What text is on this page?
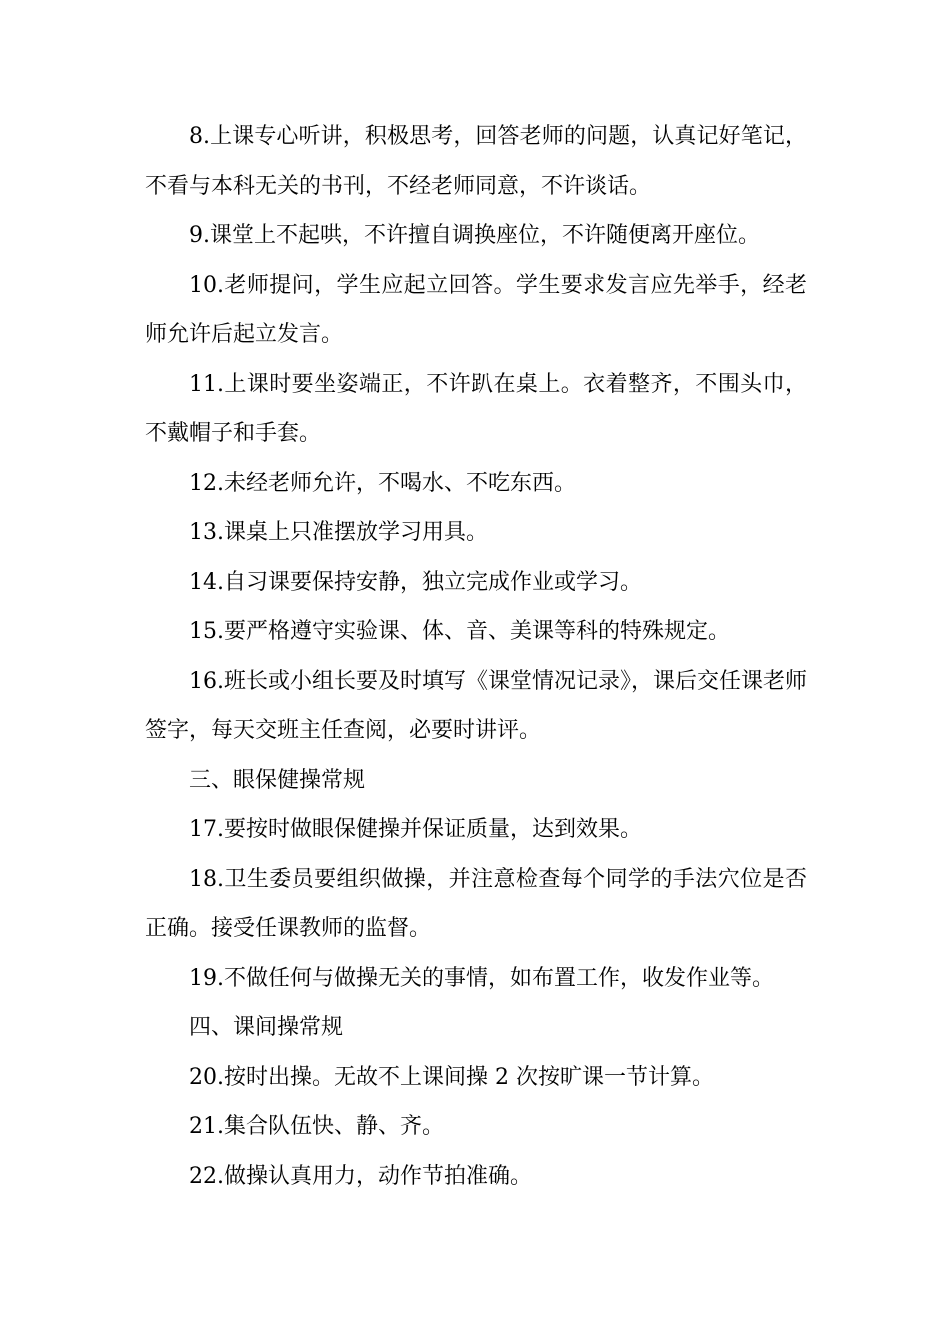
8.上课专心听讲，积极思考，回答老师的问题，认真记好笔记，不看与本科无关的书刊，不经老师同意，不许谈话。

9.课堂上不起哄，不许擅自调换座位，不许随便离开座位。

10.老师提问，学生应起立回答。学生要求发言应先举手，经老师允许后起立发言。

11.上课时要坐姿端正，不许趴在桌上。衣着整齐，不围头巾，不戴帽子和手套。

12.未经老师允许，不喝水、不吃东西。

13.课桌上只准摆放学习用具。

14.自习课要保持安静，独立完成作业或学习。

15.要严格遵守实验课、体、音、美课等科的特殊规定。

16.班长或小组长要及时填写《课堂情况记录》，课后交任课老师签字，每天交班主任查阅，必要时讲评。

三、眼保健操常规

17.要按时做眼保健操并保证质量，达到效果。

18.卫生委员要组织做操，并注意检查每个同学的手法穴位是否正确。接受任课教师的监督。

19.不做任何与做操无关的事情，如布置工作，收发作业等。

四、课间操常规

20.按时出操。无故不上课间操 2 次按旷课一节计算。

21.集合队伍快、静、齐。

22.做操认真用力，动作节拍准确。
